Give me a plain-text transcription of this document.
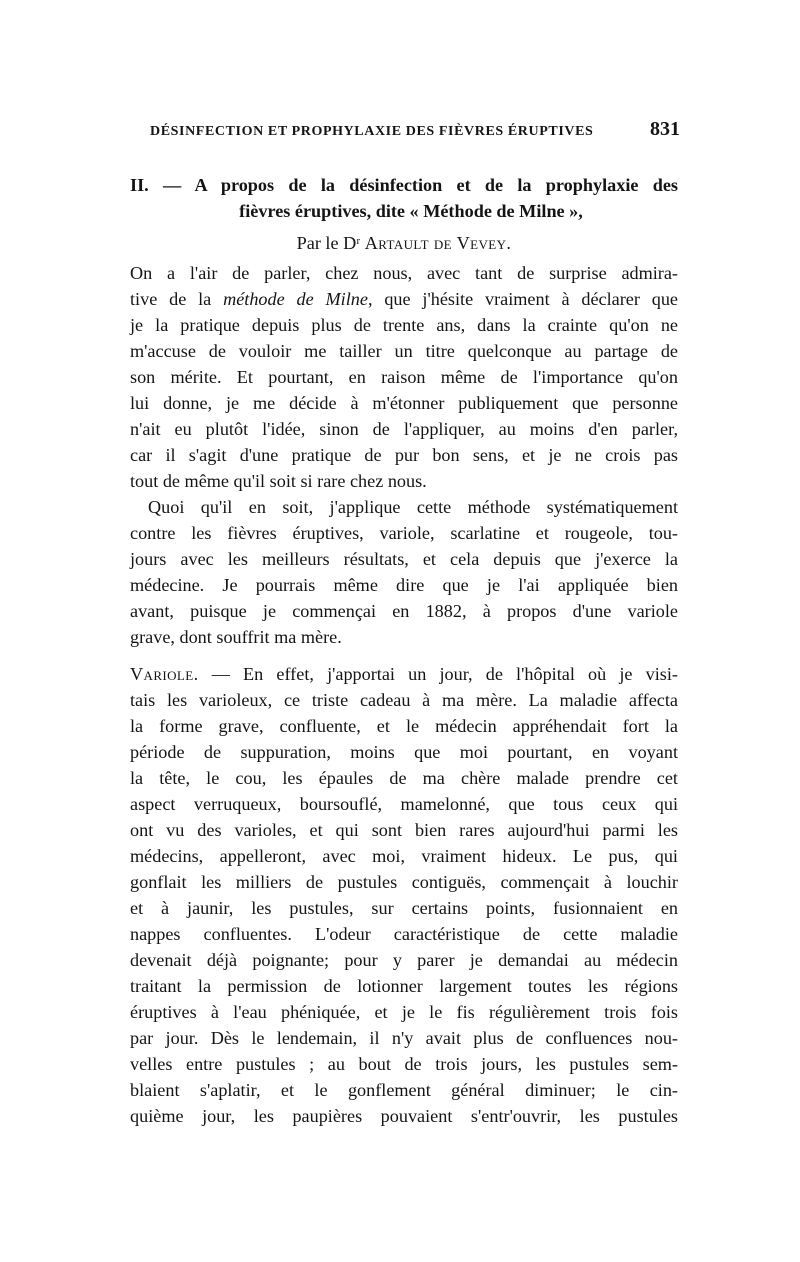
DÉSINFECTION ET PROPHYLAXIE DES FIÈVRES ÉRUPTIVES	831
II. — A propos de la désinfection et de la prophylaxie des
fièvres éruptives, dite « Méthode de Milne »,
Par le Dʳ Artault de Vevey.
On a l'air de parler, chez nous, avec tant de surprise admira-
tive de la méthode de Milne, que j'hésite vraiment à déclarer que
je la pratique depuis plus de trente ans, dans la crainte qu'on ne
m'accuse de vouloir me tailler un titre quelconque au partage de
son mérite. Et pourtant, en raison même de l'importance qu'on
lui donne, je me décide à m'étonner publiquement que personne
n'ait eu plutôt l'idée, sinon de l'appliquer, au moins d'en parler,
car il s'agit d'une pratique de pur bon sens, et je ne crois pas
tout de même qu'il soit si rare chez nous.
Quoi qu'il en soit, j'applique cette méthode systématiquement
contre les fièvres éruptives, variole, scarlatine et rougeole, tou-
jours avec les meilleurs résultats, et cela depuis que j'exerce la
médecine. Je pourrais même dire que je l'ai appliquée bien
avant, puisque je commençai en 1882, à propos d'une variole
grave, dont souffrit ma mère.
Variole. — En effet, j'apportai un jour, de l'hôpital où je visi-
tais les varioleux, ce triste cadeau à ma mère. La maladie affecta
la forme grave, confluente, et le médecin appréhendait fort la
période de suppuration, moins que moi pourtant, en voyant
la tête, le cou, les épaules de ma chère malade prendre cet
aspect verruqueux, boursouflé, mamelonné, que tous ceux qui
ont vu des varioles, et qui sont bien rares aujourd'hui parmi les
médecins, appelleront, avec moi, vraiment hideux. Le pus, qui
gonflait les milliers de pustules contiguës, commençait à louchir
et à jaunir, les pustules, sur certains points, fusionnaient en
nappes confluentes. L'odeur caractéristique de cette maladie
devenait déjà poignante; pour y parer je demandai au médecin
traitant la permission de lotionner largement toutes les régions
éruptives à l'eau phéniquée, et je le fis régulièrement trois fois
par jour. Dès le lendemain, il n'y avait plus de confluences nou-
velles entre pustules ; au bout de trois jours, les pustules sem-
blaient s'aplatir, et le gonflement général diminuer; le cin-
quième jour, les paupières pouvaient s'entr'ouvrir, les pustules
